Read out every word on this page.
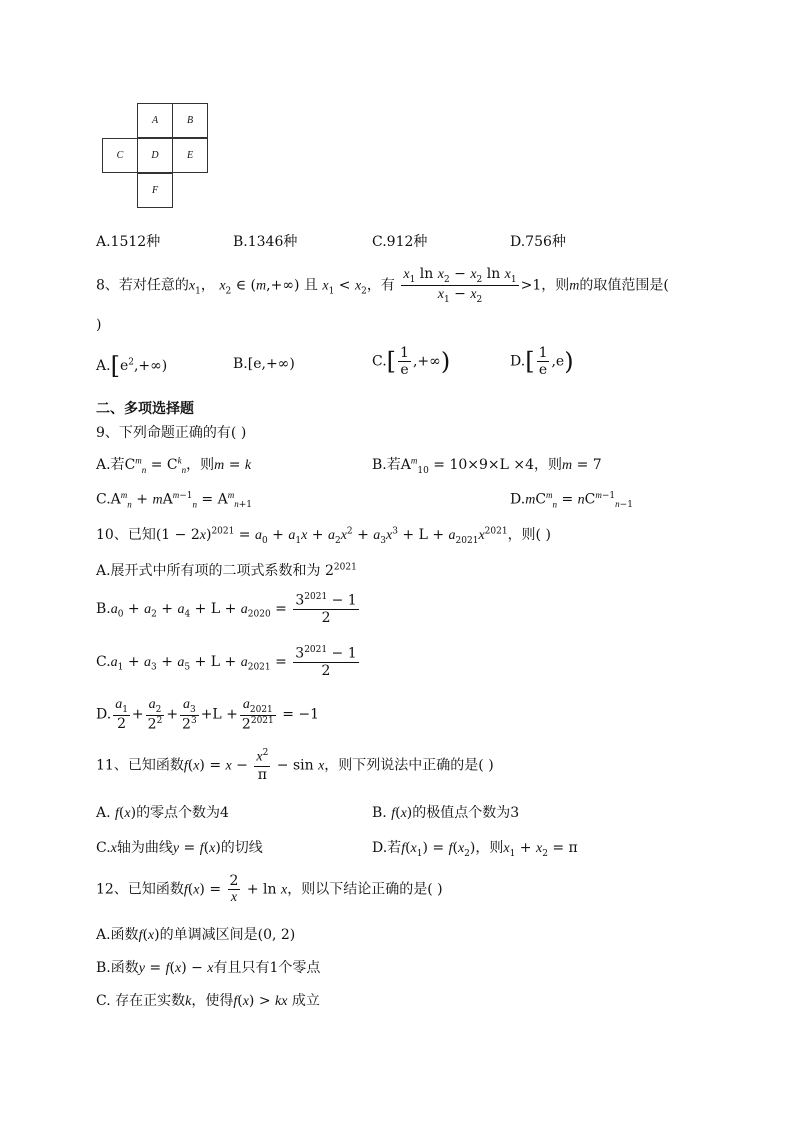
A	B
C	D	E
F
A.1512种	B.1346种	C.912种	D.756种
8、若对任意的$x_1$， $x_2$ ∈ (m,+∞) 且 $x_1 < x_2$，有 $\frac{x_1 \ln x_2 - x_2 \ln x_1}{x_1 - x_2} >1$，则m的取值范围是(
)
$A.[e^2,+\infty)$	B.[e,+∞)	$C.[ \frac{1}{e}$ ,+∞)	$D.[ \frac{1}{e} ,e)$
二、多项选择题
9、下列命题正确的有( )
A.若$C^m_n = C^k_n$，则m = k	B.若$A^m_{10} = 10\times 9\times L \times 4$，则m = 7
$C.A^m_n + mA^{m-1}_n = A^m_{n+1}$	$D.mC^m_n = nC^{m-1}_{n-1}$
10、已知$(1 - 2x)^{2021} = a_0 + a_1x + a_2x^2 + a_3x^3 + L + a_{2021}x^{2021}$，则( )
A.展开式中所有项的二项式系数和为 $2^{2021}$
$B.a_0 + a_2 + a_4 + L + a_{2020} = \frac{3^{2021} - 1}{2}$
$C.a_1 + a_3 + a_5 + L + a_{2021} = \frac{3^{2021} - 1}{2}$
D. $\frac{a_1}{2} + \frac{a_2}{2^2} + \frac{a_3}{2^3} +L + \frac{a_{2021}}{2^{2021}} = -1$
11、已知函数$f(x) = x - \frac{x^2}{\pi} - \sin x$，则下列说法中正确的是( )
A. f(x)的零点个数为4	B. f(x)的极值点个数为3
C.x轴为曲线y = f(x)的切线	D.若$f(x_1) = f(x_2)$，则$x_1 + x_2 = \pi$
12、已知函数$f(x) = \frac{2}{x} + \ln x$，则以下结论正确的是( )
A.函数f(x)的单调减区间是(0, 2)
B.函数y = f(x) − x有且只有1个零点
C. 存在正实数k，使得f(x) > kx 成立
